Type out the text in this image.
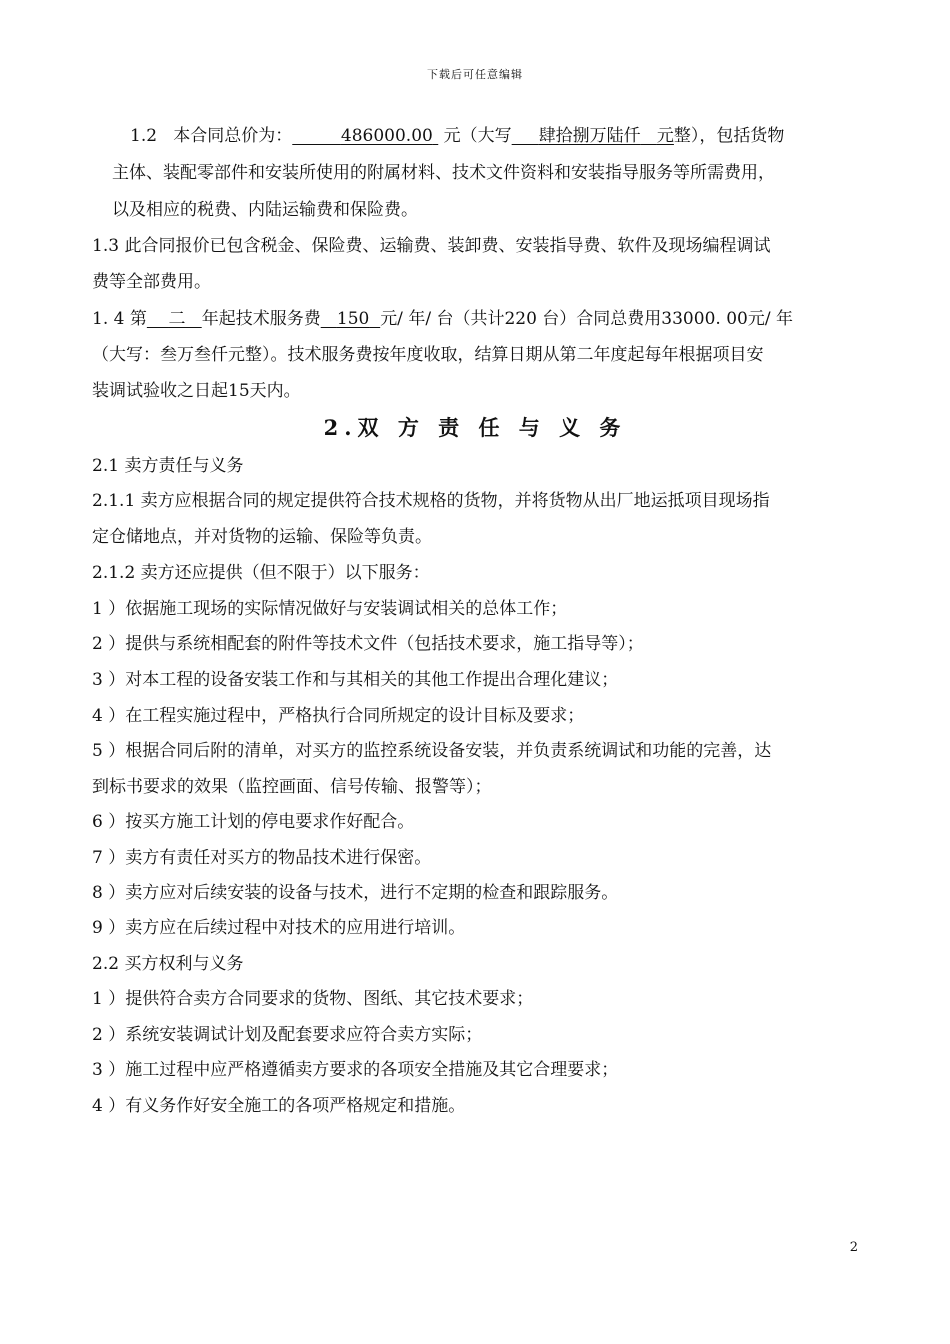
下载后可任意编辑
1.2 本合同总价为：	486000.00 元（大写 肆拾捌万陆仟 元整），包括货物
主体、装配零部件和安装所使用的附属材料、技术文件资料和安装指导服务等所需费用，
以及相应的税费、内陆运输费和保险费。
1.3 此合同报价已包含税金、保险费、运输费、装卸费、安装指导费、软件及现场编程调试
费等全部费用。
1. 4 第 二 年起技术服务费 150 元/ 年/ 台（共计220 台）合同总费用33000. 00元/ 年
（大写：叁万叁仟元整）。技术服务费按年度收取，结算日期从第二年度起每年根据项目安
装调试验收之日起15天内。
2.双 方 责 任 与 义 务
2.1 卖方责任与义务
2.1.1 卖方应根据合同的规定提供符合技术规格的货物，并将货物从出厂地运抵项目现场指
定仓储地点，并对货物的运输、保险等负责。
2.1.2 卖方还应提供（但不限于）以下服务：
1 ）依据施工现场的实际情况做好与安装调试相关的总体工作；
2 ）提供与系统相配套的附件等技术文件（包括技术要求，施工指导等）；
3 ）对本工程的设备安装工作和与其相关的其他工作提出合理化建议；
4 ）在工程实施过程中，严格执行合同所规定的设计目标及要求；
5 ）根据合同后附的清单，对买方的监控系统设备安装，并负责系统调试和功能的完善，达
到标书要求的效果（监控画面、信号传输、报警等）；
6 ）按买方施工计划的停电要求作好配合。
7 ）卖方有责任对买方的物品技术进行保密。
8 ）卖方应对后续安装的设备与技术，进行不定期的检查和跟踪服务。
9 ）卖方应在后续过程中对技术的应用进行培训。
2.2 买方权利与义务
1 ）提供符合卖方合同要求的货物、图纸、其它技术要求；
2 ）系统安装调试计划及配套要求应符合卖方实际；
3 ）施工过程中应严格遵循卖方要求的各项安全措施及其它合理要求；
4 ）有义务作好安全施工的各项严格规定和措施。
2
